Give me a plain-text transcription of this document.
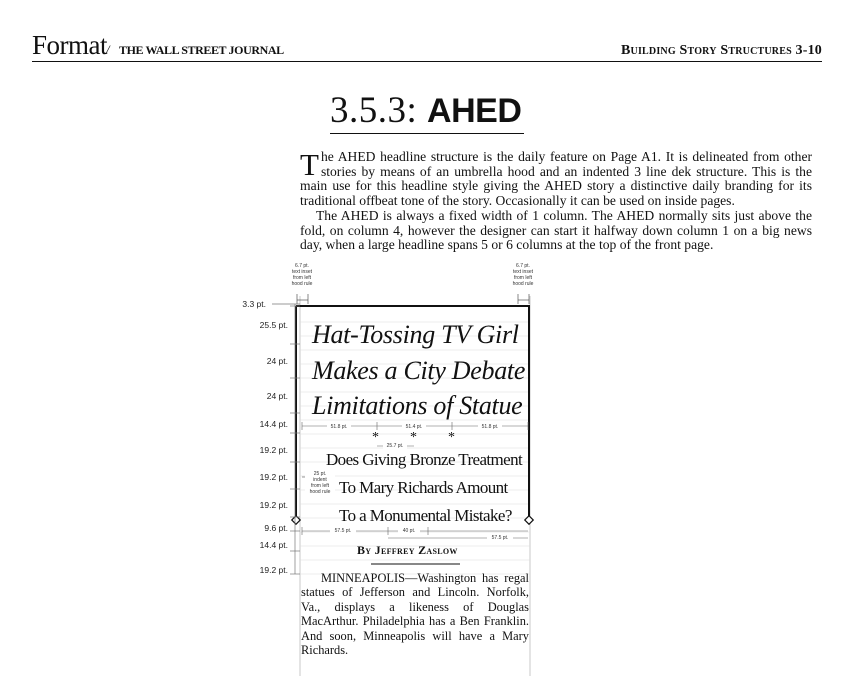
Format / THE WALL STREET JOURNAL	Building Story Structures 3-10
3.5.3: AHED
The AHED headline structure is the daily feature on Page A1. It is delineated from other stories by means of an umbrella hood and an indented 3 line dek structure. This is the main use for this headline style giving the AHED story a distinctive daily branding for its traditional offbeat tone of the story. Occasionally it can be used on inside pages.
The AHED is always a fixed width of 1 column. The AHED normally sits just above the fold, on column 4, however the designer can start it halfway down column 1 on a big news day, when a large headline spans 5 or 6 columns at the top of the front page.
3.3 pt.
25.5 pt.
24 pt.
24 pt.
14.4 pt.
19.2 pt.
19.2 pt.
19.2 pt.
9.6 pt.
14.4 pt.
19.2 pt.
6.7 pt.
text inset
from left
hood rule
6.7 pt.
text inset
from left
hood rule
Hat-Tossing TV Girl
Makes a City Debate
Limitations of Statue
51.8 pt.	51.4 pt.	51.8 pt.
25.7 pt.
* * *
Does Giving Bronze Treatment
To Mary Richards Amount
To a Monumental Mistake?
25 pt.
indent
from left
hood rule
57.5 pt.	40 pt.
57.5 pt.
By Jeffrey Zaslow
MINNEAPOLIS—Washington has regal statues of Jefferson and Lincoln. Norfolk, Va., displays a likeness of Douglas MacArthur. Philadelphia has a Ben Franklin. And soon, Minneapolis will have a Mary Richards.
